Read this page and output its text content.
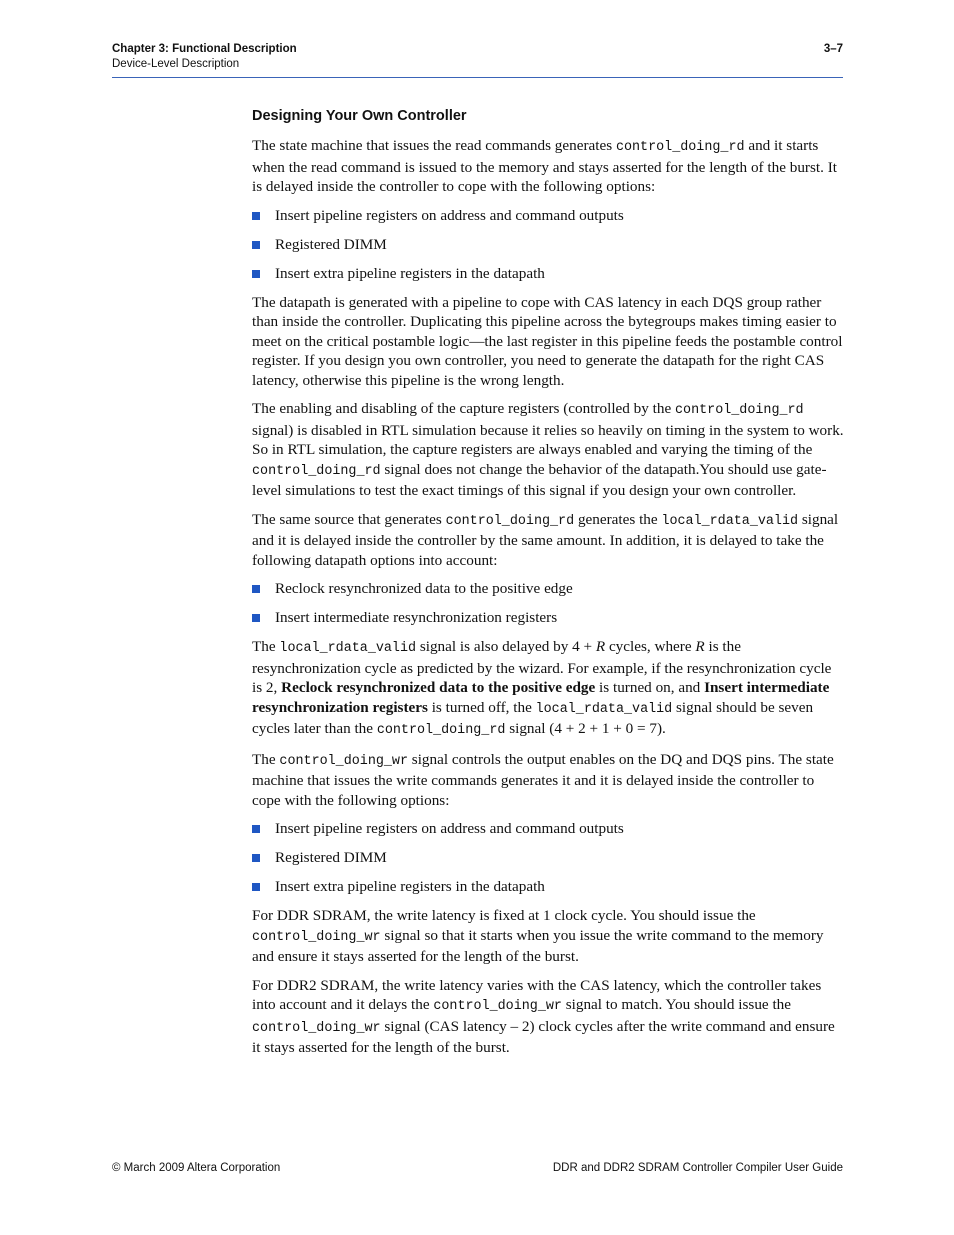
Chapter 3: Functional Description
Device-Level Description
3–7
Designing Your Own Controller

The state machine that issues the read commands generates control_doing_rd and it starts when the read command is issued to the memory and stays asserted for the length of the burst. It is delayed inside the controller to cope with the following options:

Insert pipeline registers on address and command outputs
Registered DIMM
Insert extra pipeline registers in the datapath

The datapath is generated with a pipeline to cope with CAS latency in each DQS group rather than inside the controller. Duplicating this pipeline across the bytegroups makes timing easier to meet on the critical postamble logic—the last register in this pipeline feeds the postamble control register. If you design you own controller, you need to generate the datapath for the right CAS latency, otherwise this pipeline is the wrong length.

The enabling and disabling of the capture registers (controlled by the control_doing_rd signal) is disabled in RTL simulation because it relies so heavily on timing in the system to work. So in RTL simulation, the capture registers are always enabled and varying the timing of the control_doing_rd signal does not change the behavior of the datapath.You should use gate-level simulations to test the exact timings of this signal if you design your own controller.

The same source that generates control_doing_rd generates the local_rdata_valid signal and it is delayed inside the controller by the same amount. In addition, it is delayed to take the following datapath options into account:

Reclock resynchronized data to the positive edge
Insert intermediate resynchronization registers

The local_rdata_valid signal is also delayed by 4 + R cycles, where R is the resynchronization cycle as predicted by the wizard. For example, if the resynchronization cycle is 2, Reclock resynchronized data to the positive edge is turned on, and Insert intermediate resynchronization registers is turned off, the local_rdata_valid signal should be seven cycles later than the control_doing_rd signal (4 + 2 + 1 + 0 = 7).

The control_doing_wr signal controls the output enables on the DQ and DQS pins. The state machine that issues the write commands generates it and it is delayed inside the controller to cope with the following options:

Insert pipeline registers on address and command outputs
Registered DIMM
Insert extra pipeline registers in the datapath

For DDR SDRAM, the write latency is fixed at 1 clock cycle. You should issue the control_doing_wr signal so that it starts when you issue the write command to the memory and ensure it stays asserted for the length of the burst.

For DDR2 SDRAM, the write latency varies with the CAS latency, which the controller takes into account and it delays the control_doing_wr signal to match. You should issue the control_doing_wr signal (CAS latency – 2) clock cycles after the write command and ensure it stays asserted for the length of the burst.

© March 2009 Altera Corporation	DDR and DDR2 SDRAM Controller Compiler User Guide
